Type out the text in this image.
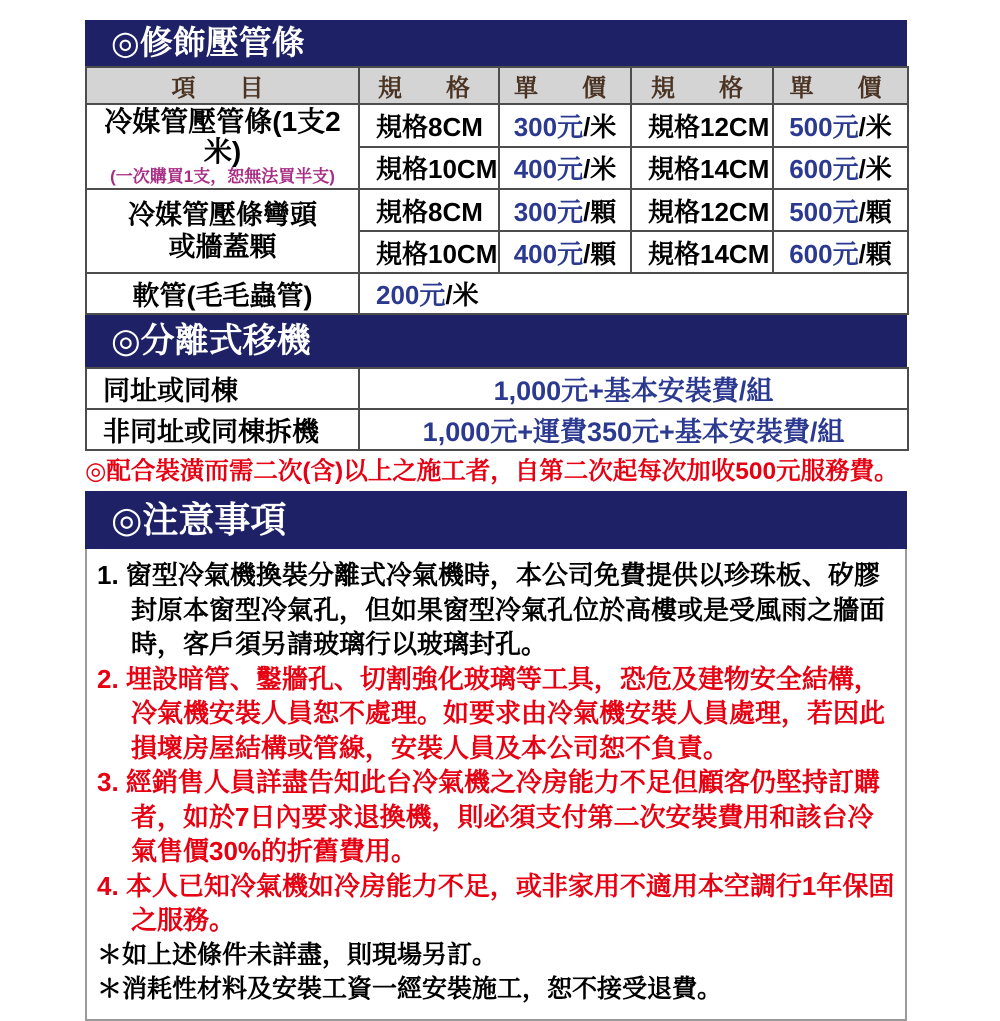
◎修飾壓管條
項　目	規　格	單　價	規　格	單　價

冷媒管壓管條(1支2米)
(一次購買1支，恕無法買半支)	規格8CM	300元/米	規格12CM	500元/米
	規格10CM	400元/米	規格14CM	600元/米

冷媒管壓條彎頭
或牆蓋顆	規格8CM	300元/顆	規格12CM	500元/顆
	規格10CM	400元/顆	規格14CM	600元/顆
軟管(毛毛蟲管)	200元/米			
◎分離式移機
同址或同棟	1,000元+基本安裝費/組
非同址或同棟拆機	1,000元+運費350元+基本安裝費/組
◎配合裝潢而需二次(含)以上之施工者，自第二次起每次加收500元服務費。
◎注意事項
1. 窗型冷氣機換裝分離式冷氣機時，本公司免費提供以珍珠板、矽膠封原本窗型冷氣孔，但如果窗型冷氣孔位於高樓或是受風雨之牆面時，客戶須另請玻璃行以玻璃封孔。
2. 埋設暗管、鑿牆孔、切割強化玻璃等工具，恐危及建物安全結構，冷氣機安裝人員恕不處理。如要求由冷氣機安裝人員處理，若因此損壞房屋結構或管線，安裝人員及本公司恕不負責。
3. 經銷售人員詳盡告知此台冷氣機之冷房能力不足但顧客仍堅持訂購者，如於7日內要求退換機，則必須支付第二次安裝費用和該台冷氣售價30%的折舊費用。
4. 本人已知冷氣機如冷房能力不足，或非家用不適用本空調行1年保固之服務。
＊如上述條件未詳盡，則現場另訂。
＊消耗性材料及安裝工資一經安裝施工，恕不接受退費。
